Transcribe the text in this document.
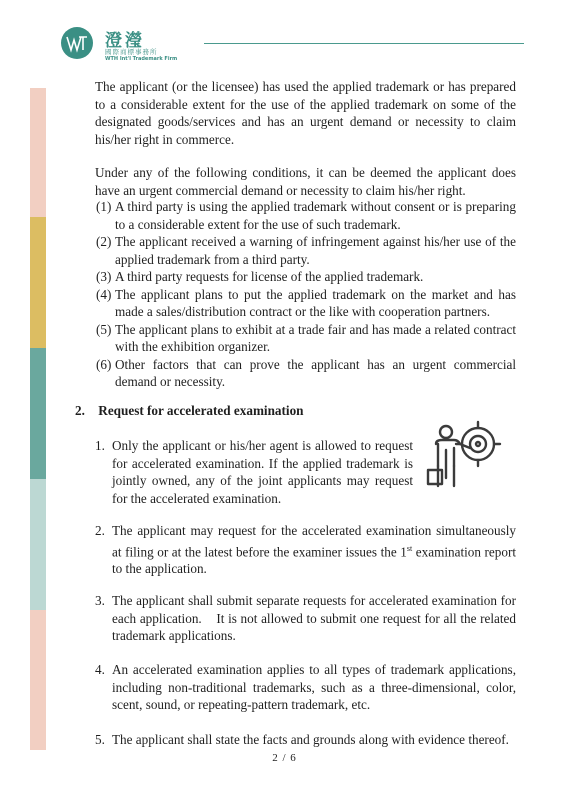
澄瀅
國際商標事務所
WTH Int'l Trademark Firm

The applicant (or the licensee) has used the applied trademark or has prepared to a considerable extent for the use of the applied trademark on some of the designated goods/services and has an urgent demand or necessity to claim his/her right in commerce.

Under any of the following conditions, it can be deemed the applicant does have an urgent commercial demand or necessity to claim his/her right.

(1) A third party is using the applied trademark without consent or is preparing to a considerable extent for the use of such trademark.
(2) The applicant received a warning of infringement against his/her use of the applied trademark from a third party.
(3) A third party requests for license of the applied trademark.
(4) The applicant plans to put the applied trademark on the market and has made a sales/distribution contract or the like with cooperation partners.
(5) The applicant plans to exhibit at a trade fair and has made a related contract with the exhibition organizer.
(6) Other factors that can prove the applicant has an urgent commercial demand or necessity.
2. Request for accelerated examination
1. Only the applicant or his/her agent is allowed to request for accelerated examination. If the applied trademark is jointly owned, any of the joint applicants may request for the accelerated examination.
2. The applicant may request for the accelerated examination simultaneously at filing or at the latest before the examiner issues the 1st examination report to the application.
3. The applicant shall submit separate requests for accelerated examination for each application.    It is not allowed to submit one request for all the related trademark applications.
4. An accelerated examination applies to all types of trademark applications, including non-traditional trademarks, such as a three-dimensional, color, scent, sound, or repeating-pattern trademark, etc.
5. The applicant shall state the facts and grounds along with evidence thereof.
2 / 6
